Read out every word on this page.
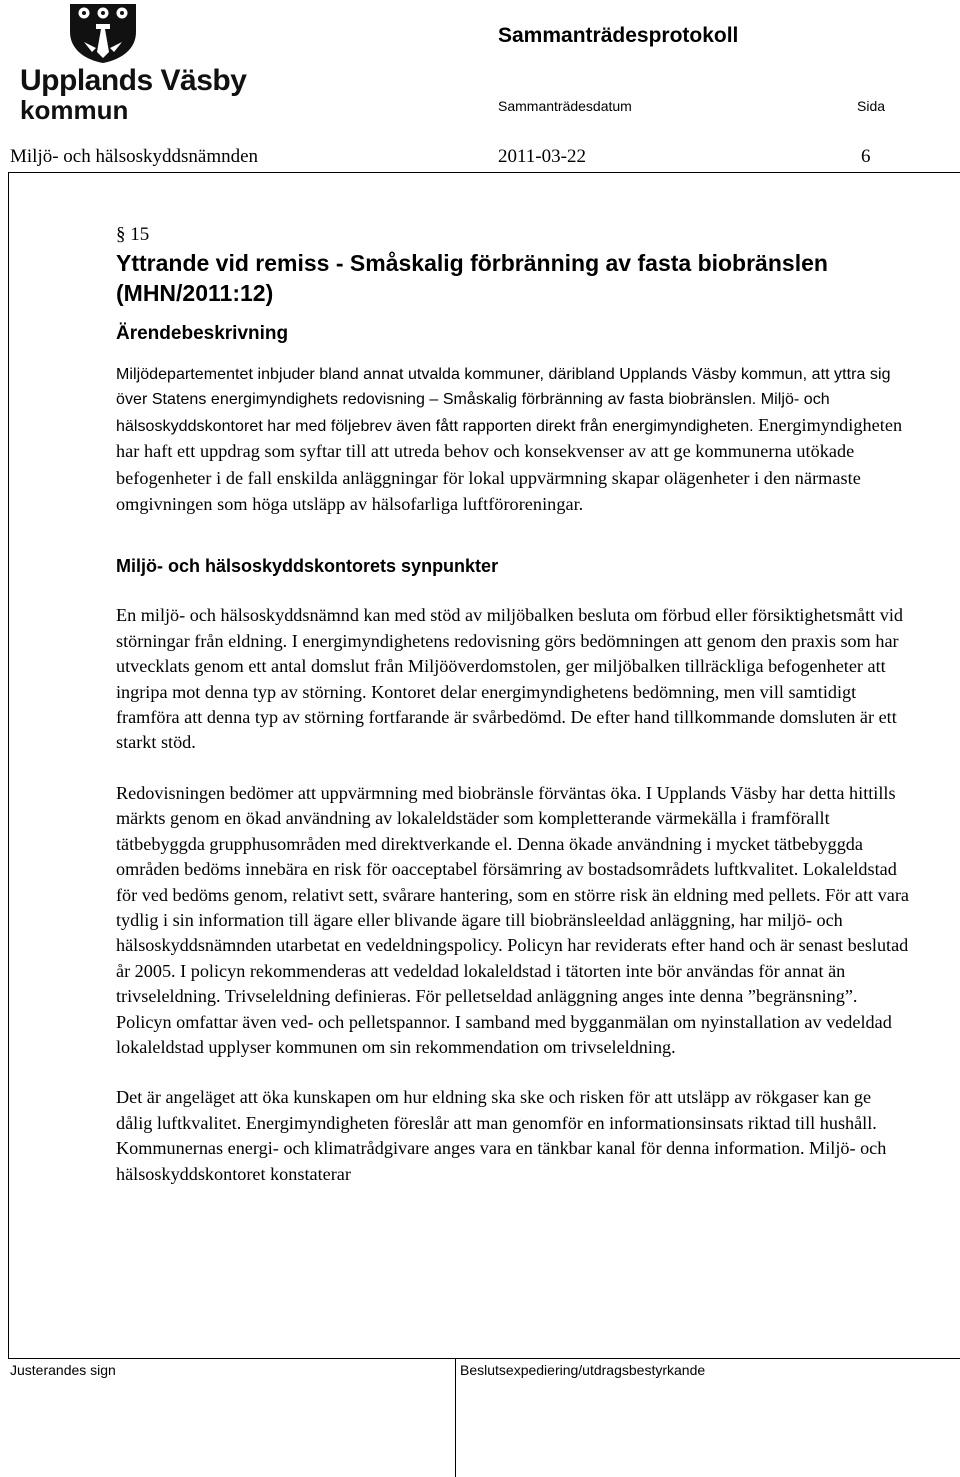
Upplands Väsby
kommun
Sammanträdesprotokoll
Sammanträdesdatum	Sida
Miljö- och hälsoskyddsnämnden	2011-03-22	6

§ 15

Yttrande vid remiss - Småskalig förbränning av fasta biobränslen (MHN/2011:12)
Ärendebeskrivning

Miljödepartementet inbjuder bland annat utvalda kommuner, däribland Upplands Väsby kommun, att yttra sig över Statens energimyndighets redovisning – Småskalig förbränning av fasta biobränslen. Miljö- och hälsoskyddskontoret har med följebrev även fått rapporten direkt från energimyndigheten. Energimyndigheten har haft ett uppdrag som syftar till att utreda behov och konsekvenser av att ge kommunerna utökade befogenheter i de fall enskilda anläggningar för lokal uppvärmning skapar olägenheter i den närmaste omgivningen som höga utsläpp av hälsofarliga luftföroreningar.

Miljö- och hälsoskyddskontorets synpunkter

En miljö- och hälsoskyddsnämnd kan med stöd av miljöbalken besluta om förbud eller försiktighetsmått vid störningar från eldning. I energimyndighetens redovisning görs bedömningen att genom den praxis som har utvecklats genom ett antal domslut från Miljööverdomstolen, ger miljöbalken tillräckliga befogenheter att ingripa mot denna typ av störning. Kontoret delar energimyndighetens bedömning, men vill samtidigt framföra att denna typ av störning fortfarande är svårbedömd. De efter hand tillkommande domsluten är ett starkt stöd.

Redovisningen bedömer att uppvärmning med biobränsle förväntas öka. I Upplands Väsby har detta hittills märkts genom en ökad användning av lokaleldstäder som kompletterande värmekälla i framförallt tätbebyggda grupphusområden med direktverkande el. Denna ökade användning i mycket tätbebyggda områden bedöms innebära en risk för oacceptabel försämring av bostadsområdets luftkvalitet. Lokaleldstad för ved bedöms genom, relativt sett, svårare hantering, som en större risk än eldning med pellets. För att vara tydlig i sin information till ägare eller blivande ägare till biobränsleeldad anläggning, har miljö- och hälsoskyddsnämnden utarbetat en vedeldningspolicy. Policyn har reviderats efter hand och är senast beslutad år 2005. I policyn rekommenderas att vedeldad lokaleldstad i tätorten inte bör användas för annat än trivseleldning. Trivseleldning definieras. För pelletseldad anläggning anges inte denna ”begränsning”. Policyn omfattar även ved- och pelletspannor. I samband med bygganmälan om nyinstallation av vedeldad lokaleldstad upplyser kommunen om sin rekommendation om trivseleldning.

Det är angeläget att öka kunskapen om hur eldning ska ske och risken för att utsläpp av rökgaser kan ge dålig luftkvalitet. Energimyndigheten föreslår att man genomför en informationsinsats riktad till hushåll. Kommunernas energi- och klimatrådgivare anges vara en tänkbar kanal för denna information. Miljö- och hälsoskyddskontoret konstaterar

Justerandes sign	Beslutsexpediering/utdragsbestyrkande
